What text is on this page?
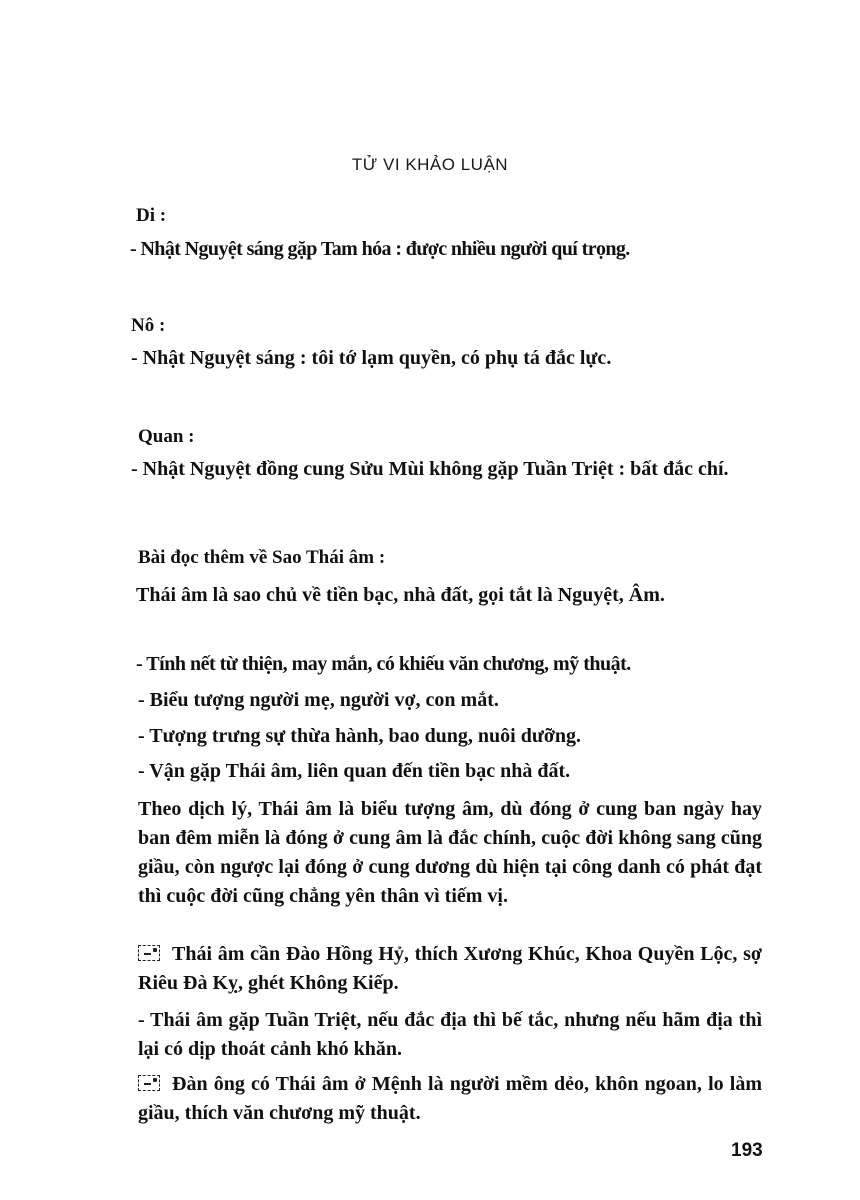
TỬ VI KHẢO LUẬN
Di :
- Nhật Nguyệt sáng gặp Tam hóa : được nhiều người quí trọng.
Nô :
- Nhật Nguyệt sáng : tôi tớ lạm quyền, có phụ tá đắc lực.
Quan :
- Nhật Nguyệt đồng cung Sửu Mùi không gặp Tuần Triệt : bất đắc chí.
Bài đọc thêm về Sao Thái âm :
Thái âm là sao chủ về tiền bạc, nhà đất, gọi tắt là Nguyệt, Âm.
- Tính nết từ thiện, may mắn, có khiếu văn chương, mỹ thuật.
- Biểu tượng người mẹ, người vợ, con mắt.
- Tượng trưng sự thừa hành, bao dung, nuôi dưỡng.
- Vận gặp Thái âm, liên quan đến tiền bạc nhà đất.
Theo dịch lý, Thái âm là biểu tượng âm, dù đóng ở cung ban ngày hay ban đêm miễn là đóng ở cung âm là đắc chính, cuộc đời không sang cũng giầu, còn ngược lại đóng ở cung dương dù hiện tại công danh có phát đạt thì cuộc đời cũng chẳng yên thân vì tiếm vị.
Thái âm cần Đào Hồng Hỷ, thích Xương Khúc, Khoa Quyền Lộc, sợ Riêu Đà Kỵ, ghét Không Kiếp.
- Thái âm gặp Tuần Triệt, nếu đắc địa thì bế tắc, nhưng nếu hãm địa thì lại có dịp thoát cảnh khó khăn.
Đàn ông có Thái âm ở Mệnh là người mềm dẻo, khôn ngoan, lo làm giầu, thích văn chương mỹ thuật.
193
